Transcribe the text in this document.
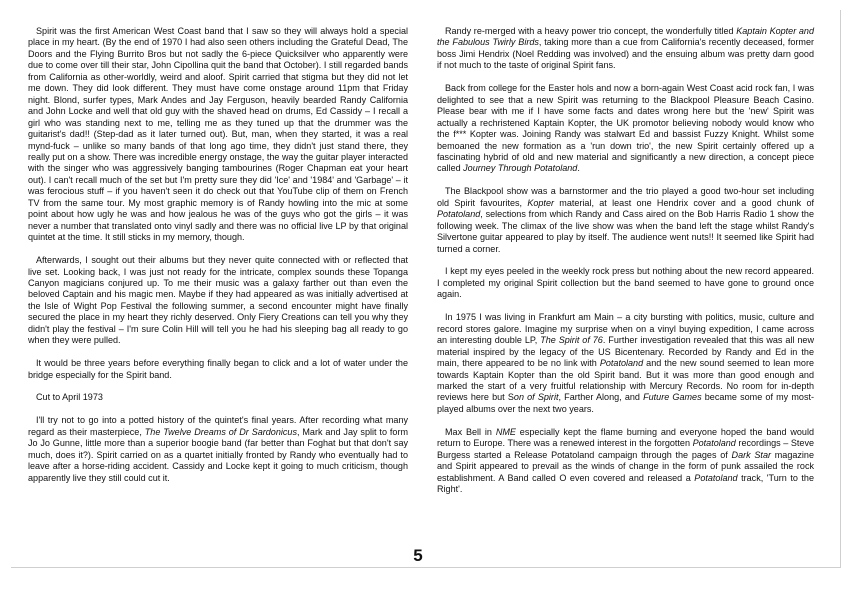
Spirit was the first American West Coast band that I saw so they will always hold a special place in my heart. (By the end of 1970 I had also seen others including the Grateful Dead, The Doors and the Flying Burrito Bros but not sadly the 6-piece Quicksilver who apparently were due to come over till their star, John Cipollina quit the band that October). I still regarded bands from California as other-worldly, weird and aloof. Spirit carried that stigma but they did not let me down. They did look different. They must have come onstage around 11pm that Friday night. Blond, surfer types, Mark Andes and Jay Ferguson, heavily bearded Randy California and John Locke and well that old guy with the shaved head on drums, Ed Cassidy – I recall a girl who was standing next to me, telling me as they tuned up that the drummer was the guitarist's dad!! (Step-dad as it later turned out). But, man, when they started, it was a real mynd-fuck – unlike so many bands of that long ago time, they didn't just stand there, they really put on a show. There was incredible energy onstage, the way the guitar player interacted with the singer who was aggressively banging tambourines (Roger Chapman eat your heart out). I can't recall much of the set but I'm pretty sure they did 'Ice' and '1984' and 'Garbage' – it was ferocious stuff – if you haven't seen it do check out that YouTube clip of them on French TV from the same tour. My most graphic memory is of Randy howling into the mic at some point about how ugly he was and how jealous he was of the guys who got the girls – it was never a number that translated onto vinyl sadly and there was no official live LP by that original quintet at the time. It still sticks in my memory, though.

Afterwards, I sought out their albums but they never quite connected with or reflected that live set. Looking back, I was just not ready for the intricate, complex sounds these Topanga Canyon magicians conjured up. To me their music was a galaxy farther out than even the beloved Captain and his magic men. Maybe if they had appeared as was initially advertised at the Isle of Wight Pop Festival the following summer, a second encounter might have finally secured the place in my heart they richly deserved. Only Fiery Creations can tell you why they didn't play the festival – I'm sure Colin Hill will tell you he had his sleeping bag all ready to go when they were pulled.

It would be three years before everything finally began to click and a lot of water under the bridge especially for the Spirit band.

Cut to April 1973

I'll try not to go into a potted history of the quintet's final years. After recording what many regard as their masterpiece, The Twelve Dreams of Dr Sardonicus, Mark and Jay split to form Jo Jo Gunne, little more than a superior boogie band (far better than Foghat but that don't say much, does it?). Spirit carried on as a quartet initially fronted by Randy who eventually had to leave after a horse-riding accident. Cassidy and Locke kept it going to much criticism, though apparently live they still could cut it.

Randy re-merged with a heavy power trio concept, the wonderfully titled Kaptain Kopter and the Fabulous Twirly Birds, taking more than a cue from California's recently deceased, former boss Jimi Hendrix (Noel Redding was involved) and the ensuing album was pretty darn good if not much to the taste of original Spirit fans.

Back from college for the Easter hols and now a born-again West Coast acid rock fan, I was delighted to see that a new Spirit was returning to the Blackpool Pleasure Beach Casino. Please bear with me if I have some facts and dates wrong here but the 'new' Spirit was actually a rechristened Kaptain Kopter, the UK promotor believing nobody would know who the f*** Kopter was. Joining Randy was stalwart Ed and bassist Fuzzy Knight. Whilst some bemoaned the new formation as a 'run down trio', the new Spirit certainly offered up a fascinating hybrid of old and new material and significantly a new direction, a concept piece called Journey Through Potatoland.

The Blackpool show was a barnstormer and the trio played a good two-hour set including old Spirit favourites, Kopter material, at least one Hendrix cover and a good chunk of Potatoland, selections from which Randy and Cass aired on the Bob Harris Radio 1 show the following week. The climax of the live show was when the band left the stage whilst Randy's Silvertone guitar appeared to play by itself. The audience went nuts!! It seemed like Spirit had turned a corner.

I kept my eyes peeled in the weekly rock press but nothing about the new record appeared. I completed my original Spirit collection but the band seemed to have gone to ground once again.

In 1975 I was living in Frankfurt am Main – a city bursting with politics, music, culture and record stores galore. Imagine my surprise when on a vinyl buying expedition, I came across an interesting double LP, The Spirit of 76. Further investigation revealed that this was all new material inspired by the legacy of the US Bicentenary. Recorded by Randy and Ed in the main, there appeared to be no link with Potatoland and the new sound seemed to lean more towards Kaptain Kopter than the old Spirit band. But it was more than good enough and marked the start of a very fruitful relationship with Mercury Records. No room for in-depth reviews here but Son of Spirit, Farther Along, and Future Games became some of my most-played albums over the next two years.

Max Bell in NME especially kept the flame burning and everyone hoped the band would return to Europe. There was a renewed interest in the forgotten Potatoland recordings – Steve Burgess started a Release Potatoland campaign through the pages of Dark Star magazine and Spirit appeared to prevail as the winds of change in the form of punk assailed the rock establishment. A Band called O even covered and released a Potatoland track, 'Turn to the Right'.

5
